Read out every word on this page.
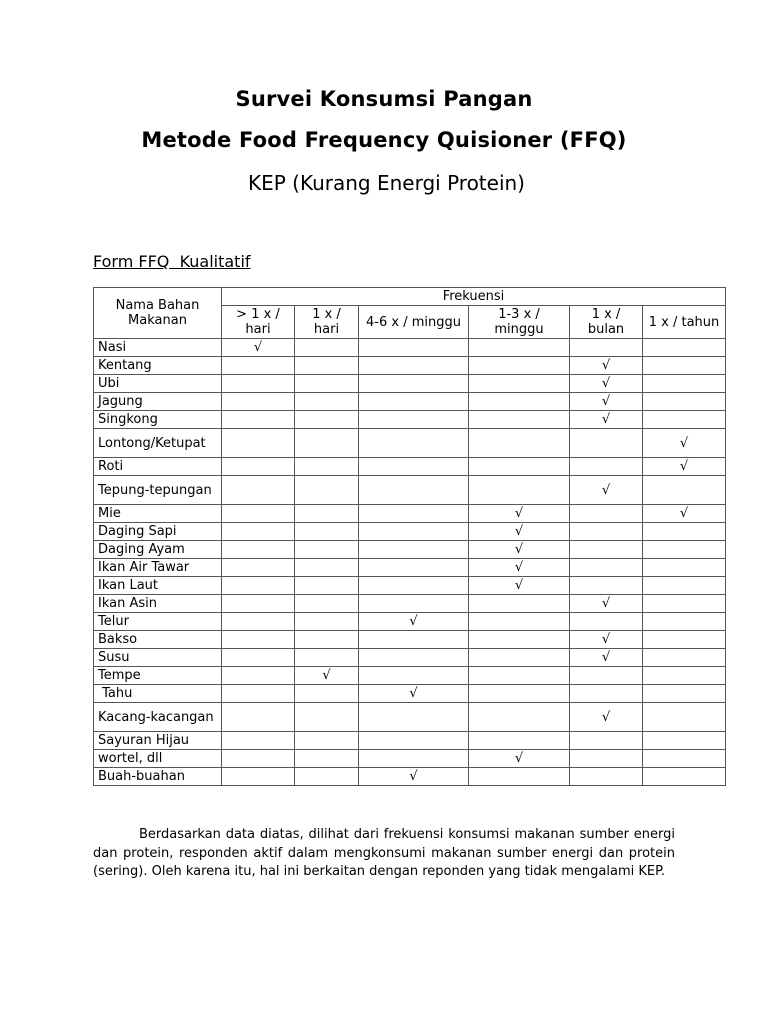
Survei Konsumsi Pangan
Metode Food Frequency Quisioner (FFQ)
KEP (Kurang Energi Protein)
Form FFQ  Kualitatif
Nama Bahan Makanan	Frekuensi					
	> 1 x / hari	1 x / hari	4-6 x / minggu	1-3 x / minggu	1 x / bulan	1 x / tahun
Nasi	√					
Kentang					√	
Ubi					√	
Jagung					√	
Singkong					√	
Lontong/Ketupat						√
Roti						√
Tepung-tepungan					√	
Mie				√		√
Daging Sapi				√		
Daging Ayam				√		
Ikan Air Tawar				√		
Ikan Laut				√		
Ikan Asin					√	
Telur			√			
Bakso					√	
Susu					√	
Tempe		√				
Tahu			√			
Kacang-kacangan					√	
Sayuran Hijau						
wortel, dll				√		
Buah-buahan			√			
Berdasarkan data diatas, dilihat dari frekuensi konsumsi makanan sumber energi dan protein, responden aktif dalam mengkonsumi makanan sumber energi dan protein (sering). Oleh karena itu, hal ini berkaitan dengan reponden yang tidak mengalami KEP.
